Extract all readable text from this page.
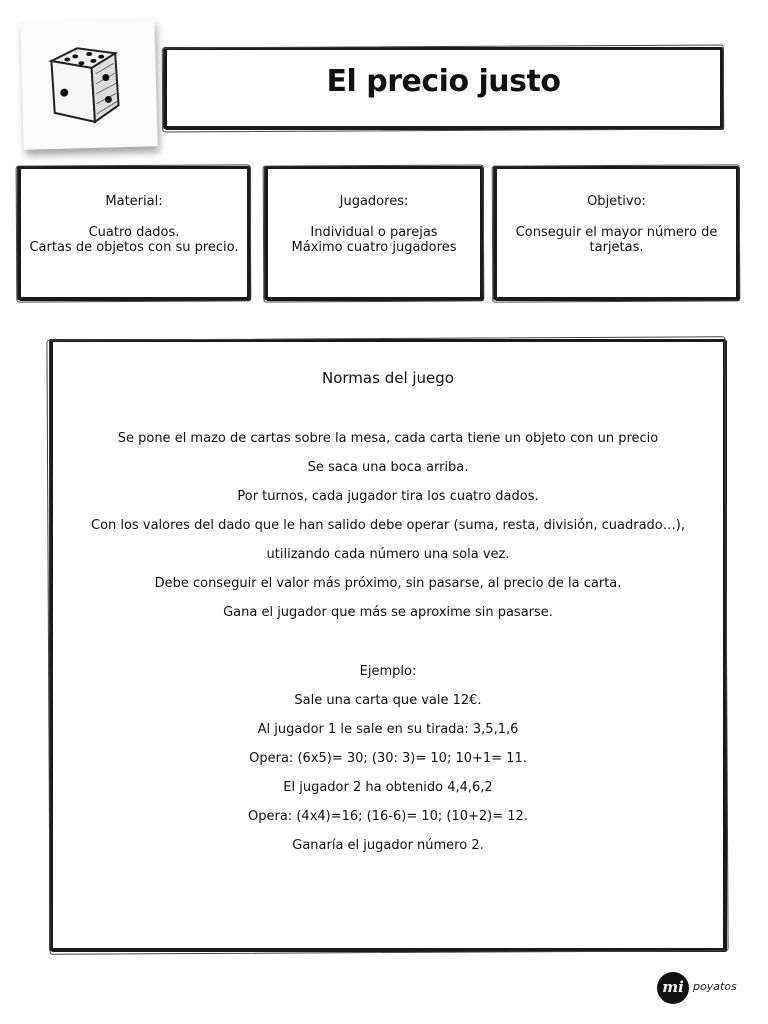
El precio justo
Material:
Cuatro dados.
Cartas de objetos con su precio.
Jugadores:
Individual o parejas
Máximo cuatro jugadores
Objetivo:
Conseguir el mayor número de
tarjetas.
Normas del juego
Se pone el mazo de cartas sobre la mesa, cada carta tiene un objeto con un precio
Se saca una boca arriba.
Por turnos, cada jugador tira los cuatro dados.
Con los valores del dado que le han salido debe operar (suma, resta, división, cuadrado…),
utilizando cada número una sola vez.
Debe conseguir el valor más próximo, sin pasarse, al precio de la carta.
Gana el jugador que más se aproxime sin pasarse.
Ejemplo:
Sale una carta que vale 12€.
Al jugador 1 le sale en su tirada: 3,5,1,6
Opera: (6x5)= 30; (30: 3)= 10; 10+1= 11.
El jugador 2 ha obtenido 4,4,6,2
Opera: (4x4)=16; (16-6)= 10; (10+2)= 12.
Ganaría el jugador número 2.
mi poyatos
